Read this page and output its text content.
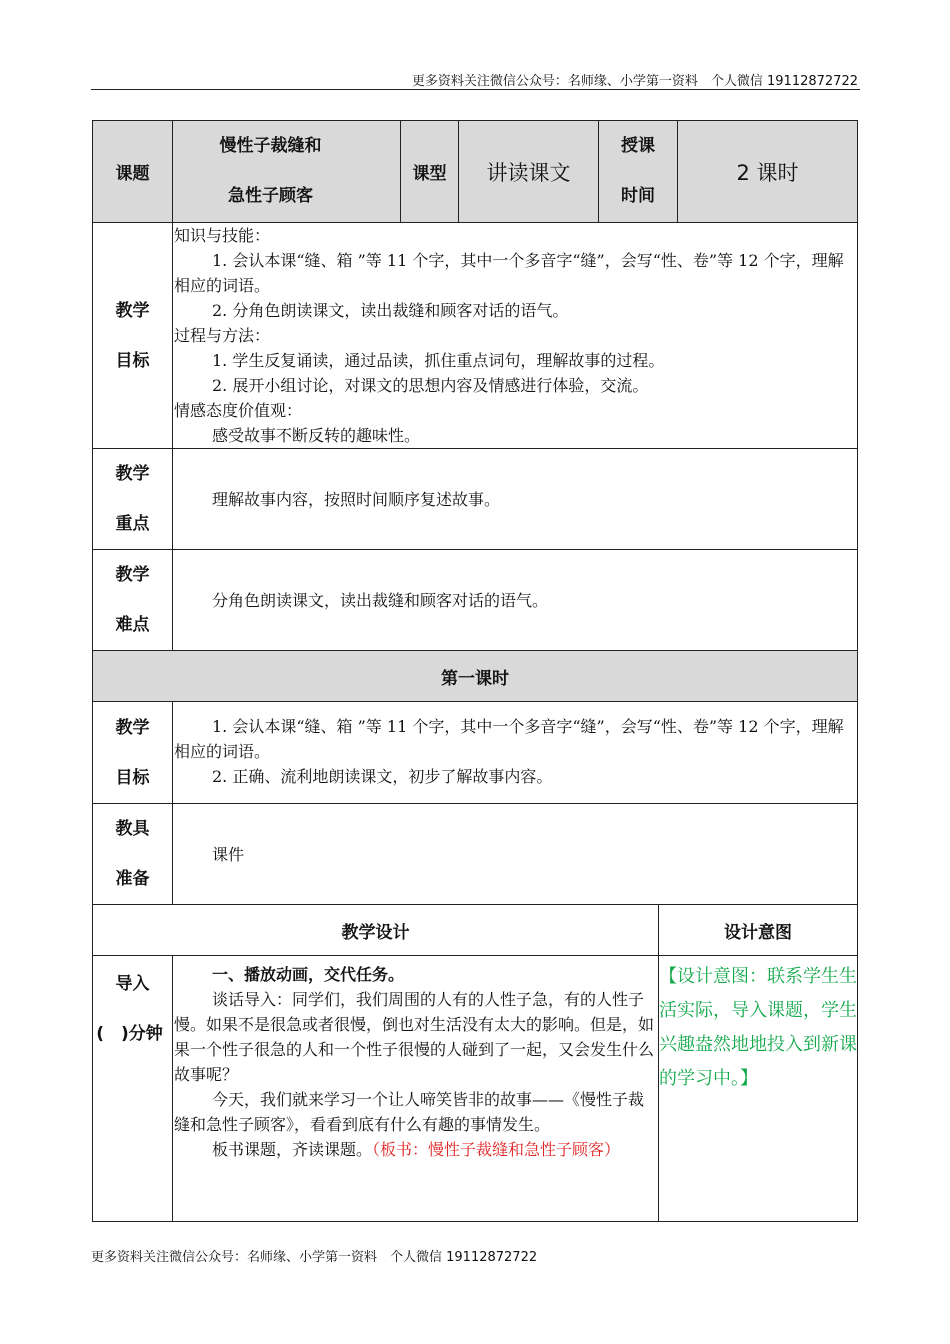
更多资料关注微信公众号：名师缘、小学第一资料　个人微信 19112872722
课题
慢性子裁缝和
急性子顾客
课型 讲读课文
授课
时间
2 课时
教学
目标

知识与技能：

1. 会认本课“缝、箱 ”等 11 个字，其中一个多音字“缝”，会写“性、卷”等 12 个字，理解相应的词语。

2. 分角色朗读课文，读出裁缝和顾客对话的语气。

过程与方法：

1. 学生反复诵读，通过品读，抓住重点词句，理解故事的过程。

2. 展开小组讨论，对课文的思想内容及情感进行体验，交流。

情感态度价值观：

感受故事不断反转的趣味性。

教学
重点

理解故事内容，按照时间顺序复述故事。

教学
难点

分角色朗读课文，读出裁缝和顾客对话的语气。

第一课时
教学
目标

1. 会认本课“缝、箱 ”等 11 个字，其中一个多音字“缝”，会写“性、卷”等 12 个字，理解相应的词语。

2. 正确、流利地朗读课文，初步了解故事内容。

教具
准备

课件

教学设计	设计意图
导入
(　)分钟

一、播放动画，交代任务。

谈话导入：同学们，我们周围的人有的人性子急，有的人性子慢。如果不是很急或者很慢，倒也对生活没有太大的影响。但是，如果一个性子很急的人和一个性子很慢的人碰到了一起，又会发生什么故事呢？

今天，我们就来学习一个让人啼笑皆非的故事——《慢性子裁缝和急性子顾客》，看看到底有什么有趣的事情发生。

板书课题，齐读课题。（板书：慢性子裁缝和急性子顾客）

【设计意图：联系学生生活实际，导入课题，学生兴趣盎然地地投入到新课的学习中。】
更多资料关注微信公众号：名师缘、小学第一资料　个人微信 19112872722
